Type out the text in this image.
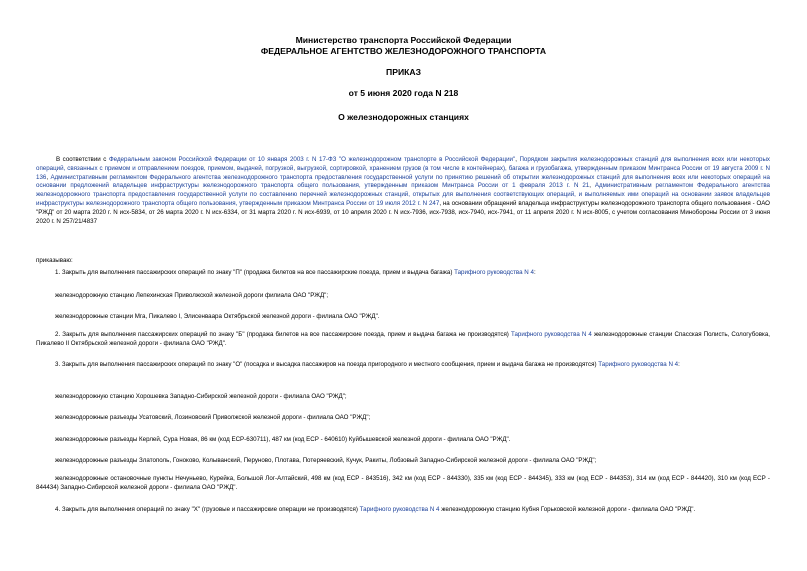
Министерство транспорта Российской Федерации
ФЕДЕРАЛЬНОЕ АГЕНТСТВО ЖЕЛЕЗНОДОРОЖНОГО ТРАНСПОРТА
ПРИКАЗ
от 5 июня 2020 года N 218
О железнодорожных станциях

В соответствии с Федеральным законом Российской Федерации от 10 января 2003 г. N 17-ФЗ "О железнодорожном транспорте в Российской Федерации", Порядком закрытия железнодорожных станций для выполнения всех или некоторых операций, связанных с приемом и отправлением поездов, приемом, выдачей, погрузкой, выгрузкой, сортировкой, хранением грузов (в том числе в контейнерах), багажа и грузобагажа, утвержденным приказом Минтранса России от 19 августа 2009 г. N 136, Административным регламентом Федерального агентства железнодорожного транспорта предоставления государственной услуги по принятию решений об открытии железнодорожных станций для выполнения всех или некоторых операций на основании предложений владельцев инфраструктуры железнодорожного транспорта общего пользования, утвержденным приказом Минтранса России от 1 февраля 2013 г. N 21, Административным регламентом Федерального агентства железнодорожного транспорта предоставления государственной услуги по составлению перечней железнодорожных станций, открытых для выполнения соответствующих операций, и выполняемых ими операций на основании заявок владельцев инфраструктуры железнодорожного транспорта общего пользования, утвержденным приказом Минтранса России от 19 июля 2012 г. N 247, на основании обращений владельца инфраструктуры железнодорожного транспорта общего пользования - ОАО "РЖД" от 20 марта 2020 г. N исх-5834, от 26 марта 2020 г. N исх-6334, от 31 марта 2020 г. N исх-6939, от 10 апреля 2020 г. N исх-7936, исх-7938, исх-7940, исх-7941, от 11 апреля 2020 г. N исх-8005, с учетом согласования Минобороны России от 3 июня 2020 г. N 257/21/4837

приказываю:
1. Закрыть для выполнения пассажирских операций по знаку "П" (продажа билетов на все пассажирские поезда, прием и выдача багажа) Тарифного руководства N 4:
железнодорожную станцию Лепехинская Приволжской железной дороги филиала ОАО "РЖД";
железнодорожные станции Мга, Пикалево I, Элисенваара Октябрьской железной дороги - филиала ОАО "РЖД".
2. Закрыть для выполнения пассажирских операций по знаку "Б" (продажа билетов на все пассажирские поезда, прием и выдача багажа не производятся) Тарифного руководства N 4 железнодорожные станции Спасская Полисть, Сологубовка, Пикалево II Октябрьской железной дороги - филиала ОАО "РЖД".
3. Закрыть для выполнения пассажирских операций по знаку "О" (посадка и высадка пассажиров на поезда пригородного и местного сообщения, прием и выдача багажа не производятся) Тарифного руководства N 4:
железнодорожную станцию Хорошевка Западно-Сибирской железной дороги - филиала ОАО "РЖД";
железнодорожные разъезды Усатовский, Лозиновский Приволжской железной дороги - филиала ОАО "РЖД";
железнодорожные разъезды Керлей, Сура Новая, 86 км (код ЕСР-630711), 487 км (код ЕСР - 640610) Куйбышевской железной дороги - филиала ОАО "РЖД".
железнодорожные разъезды Златополь, Гоноково, Колыванский, Перуново, Плотава, Потеряевский, Кучук, Ракиты, Лобзовый Западно-Сибирской железной дороги - филиала ОАО "РЖД";
железнодорожные остановочные пункты Нечуньево, Курейка, Большой Лог-Алтайский, 498 км (код ЕСР - 843516), 342 км (код ЕСР - 844330), 335 км (код ЕСР - 844345), 333 км (код ЕСР - 844353), 314 км (код ЕСР - 844420), 310 км (код ЕСР - 844434) Западно-Сибирской железной дороги - филиала ОАО "РЖД".
4. Закрыть для выполнения операций по знаку "Х" (грузовые и пассажирские операции не производятся) Тарифного руководства N 4 железнодорожную станцию Кубня Горьковской железной дороги - филиала ОАО "РЖД".
